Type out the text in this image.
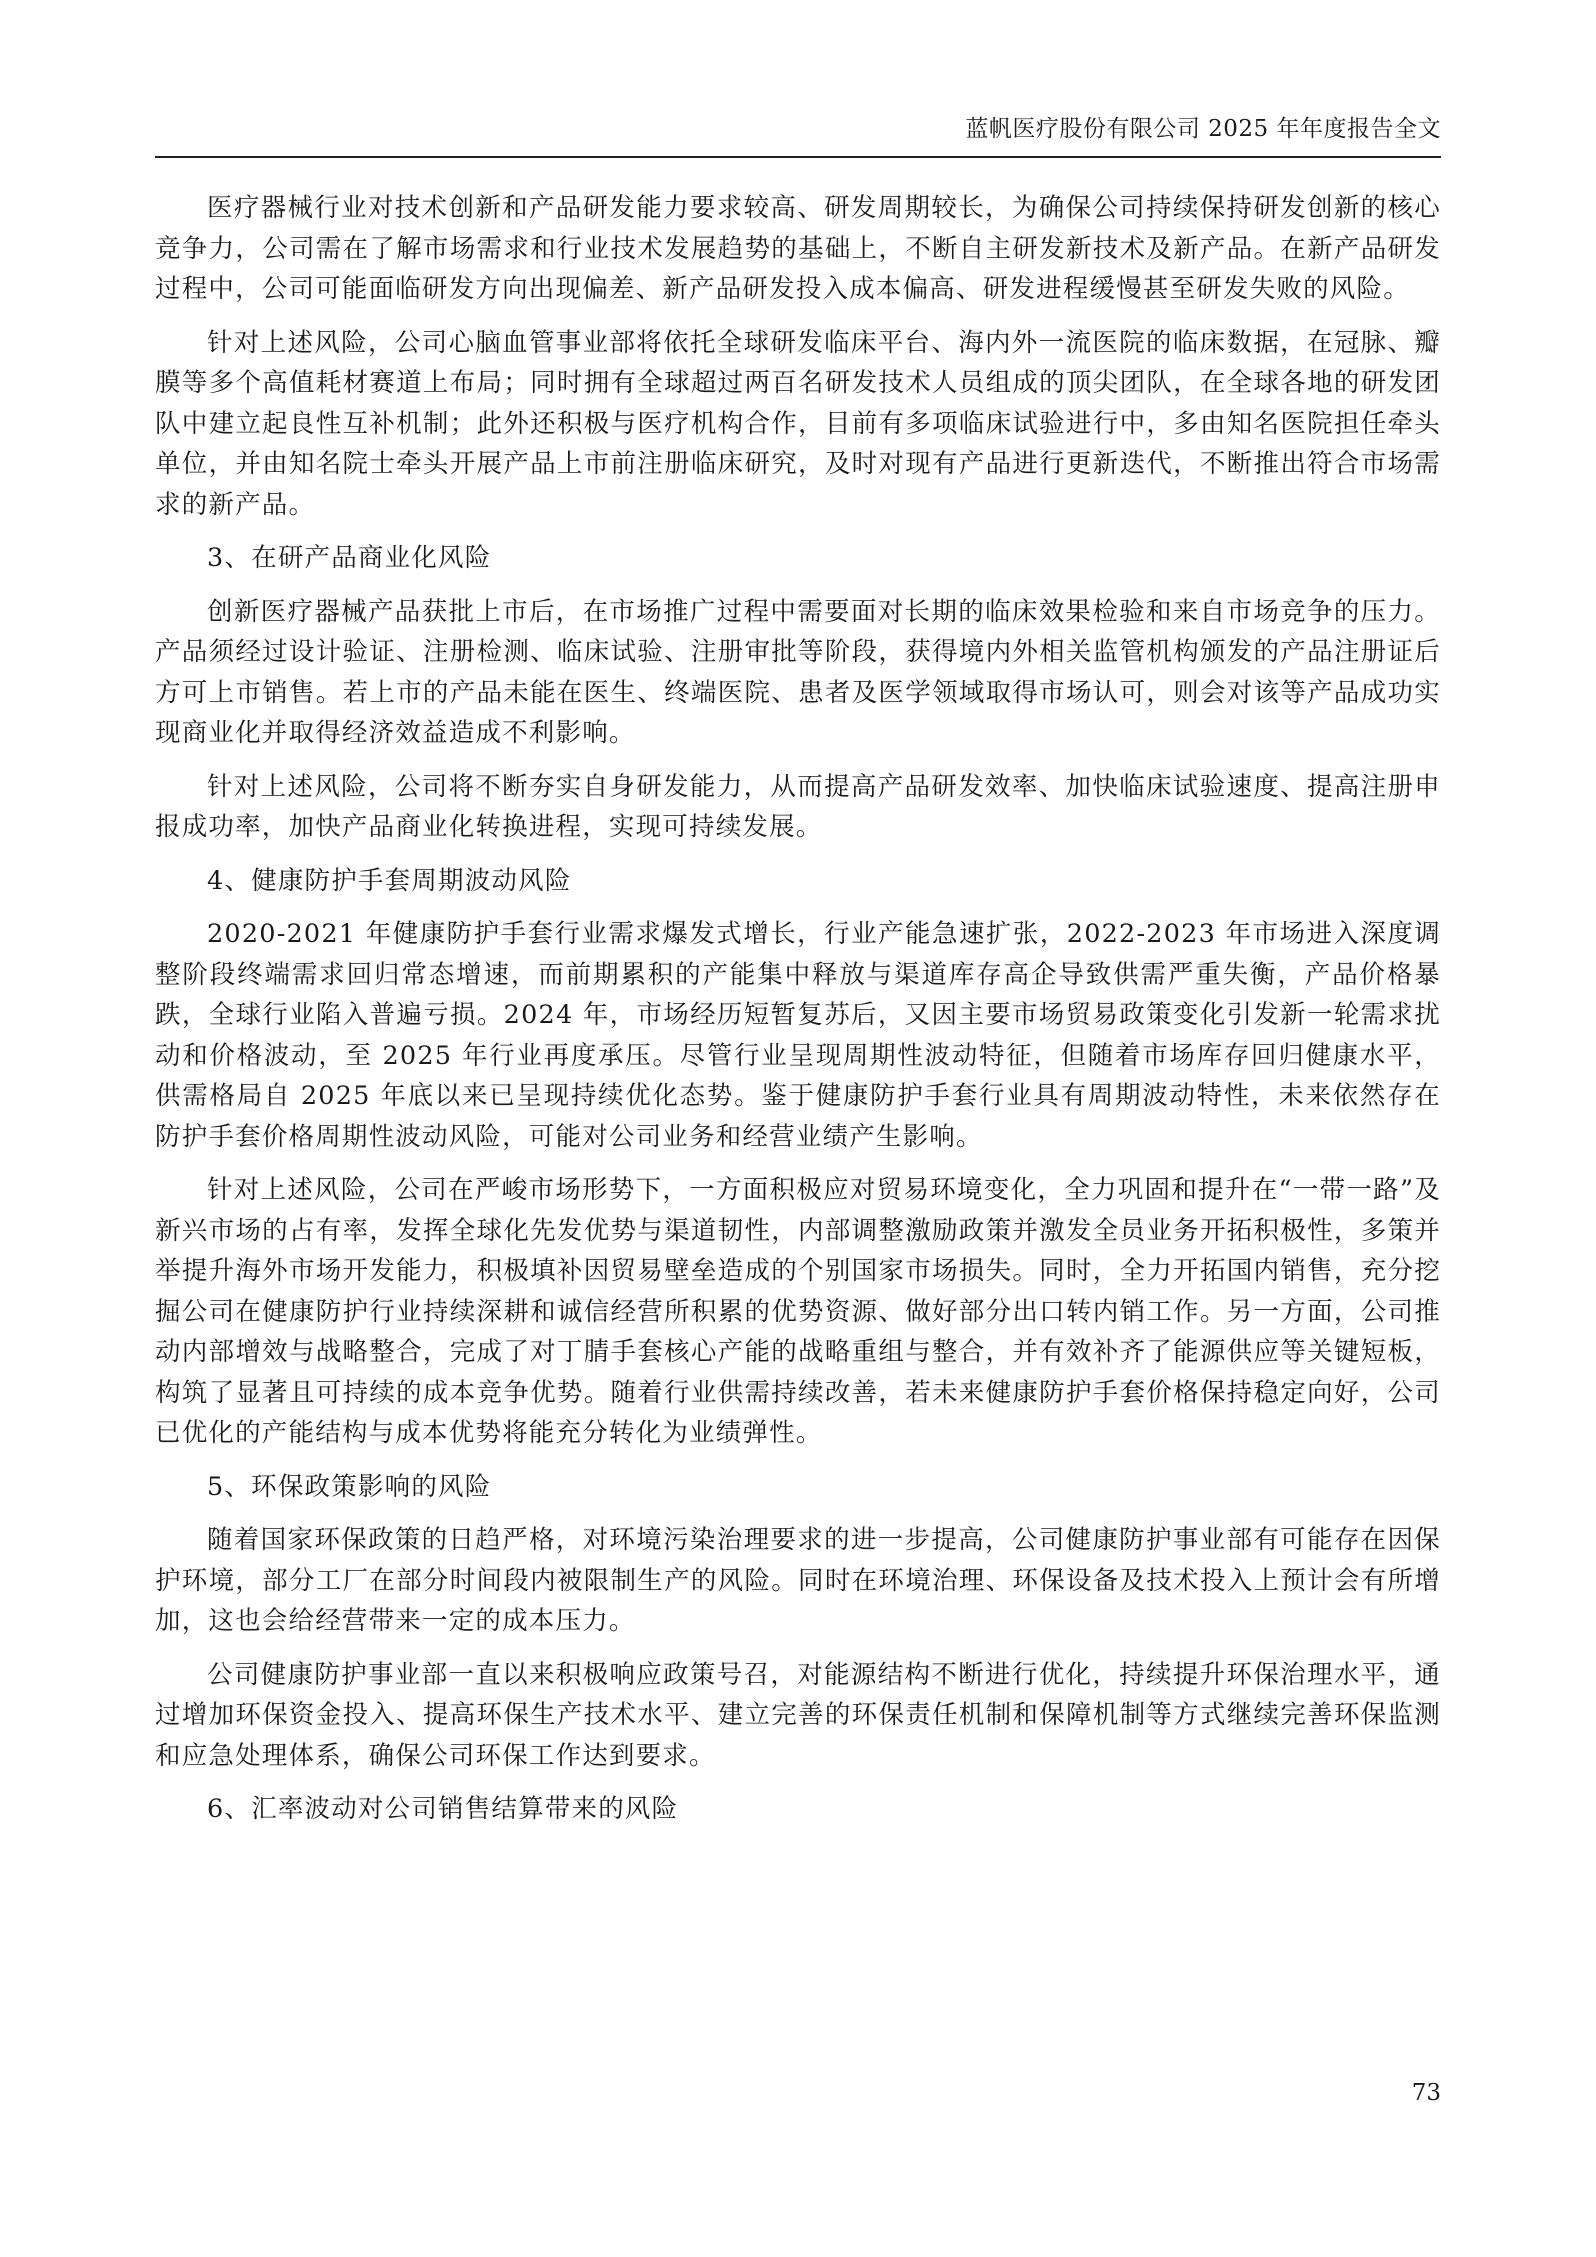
蓝帆医疗股份有限公司 2025 年年度报告全文

医疗器械行业对技术创新和产品研发能力要求较高、研发周期较长，为确保公司持续保持研发创新的核心竞争力，公司需在了解市场需求和行业技术发展趋势的基础上，不断自主研发新技术及新产品。在新产品研发过程中，公司可能面临研发方向出现偏差、新产品研发投入成本偏高、研发进程缓慢甚至研发失败的风险。

针对上述风险，公司心脑血管事业部将依托全球研发临床平台、海内外一流医院的临床数据，在冠脉、瓣膜等多个高值耗材赛道上布局；同时拥有全球超过两百名研发技术人员组成的顶尖团队，在全球各地的研发团队中建立起良性互补机制；此外还积极与医疗机构合作，目前有多项临床试验进行中，多由知名医院担任牵头单位，并由知名院士牵头开展产品上市前注册临床研究，及时对现有产品进行更新迭代，不断推出符合市场需求的新产品。

3、在研产品商业化风险

创新医疗器械产品获批上市后，在市场推广过程中需要面对长期的临床效果检验和来自市场竞争的压力。产品须经过设计验证、注册检测、临床试验、注册审批等阶段，获得境内外相关监管机构颁发的产品注册证后方可上市销售。若上市的产品未能在医生、终端医院、患者及医学领域取得市场认可，则会对该等产品成功实现商业化并取得经济效益造成不利影响。

针对上述风险，公司将不断夯实自身研发能力，从而提高产品研发效率、加快临床试验速度、提高注册申报成功率，加快产品商业化转换进程，实现可持续发展。

4、健康防护手套周期波动风险

2020-2021 年健康防护手套行业需求爆发式增长，行业产能急速扩张，2022-2023 年市场进入深度调整阶段终端需求回归常态增速，而前期累积的产能集中释放与渠道库存高企导致供需严重失衡，产品价格暴跌，全球行业陷入普遍亏损。2024 年，市场经历短暂复苏后，又因主要市场贸易政策变化引发新一轮需求扰动和价格波动，至 2025 年行业再度承压。尽管行业呈现周期性波动特征，但随着市场库存回归健康水平，供需格局自 2025 年底以来已呈现持续优化态势。鉴于健康防护手套行业具有周期波动特性，未来依然存在防护手套价格周期性波动风险，可能对公司业务和经营业绩产生影响。

针对上述风险，公司在严峻市场形势下，一方面积极应对贸易环境变化，全力巩固和提升在“一带一路”及新兴市场的占有率，发挥全球化先发优势与渠道韧性，内部调整激励政策并激发全员业务开拓积极性，多策并举提升海外市场开发能力，积极填补因贸易壁垒造成的个别国家市场损失。同时，全力开拓国内销售，充分挖掘公司在健康防护行业持续深耕和诚信经营所积累的优势资源、做好部分出口转内销工作。另一方面，公司推动内部增效与战略整合，完成了对丁腈手套核心产能的战略重组与整合，并有效补齐了能源供应等关键短板，构筑了显著且可持续的成本竞争优势。随着行业供需持续改善，若未来健康防护手套价格保持稳定向好，公司已优化的产能结构与成本优势将能充分转化为业绩弹性。

5、环保政策影响的风险

随着国家环保政策的日趋严格，对环境污染治理要求的进一步提高，公司健康防护事业部有可能存在因保护环境，部分工厂在部分时间段内被限制生产的风险。同时在环境治理、环保设备及技术投入上预计会有所增加，这也会给经营带来一定的成本压力。

公司健康防护事业部一直以来积极响应政策号召，对能源结构不断进行优化，持续提升环保治理水平，通过增加环保资金投入、提高环保生产技术水平、建立完善的环保责任机制和保障机制等方式继续完善环保监测和应急处理体系，确保公司环保工作达到要求。

6、汇率波动对公司销售结算带来的风险

73
